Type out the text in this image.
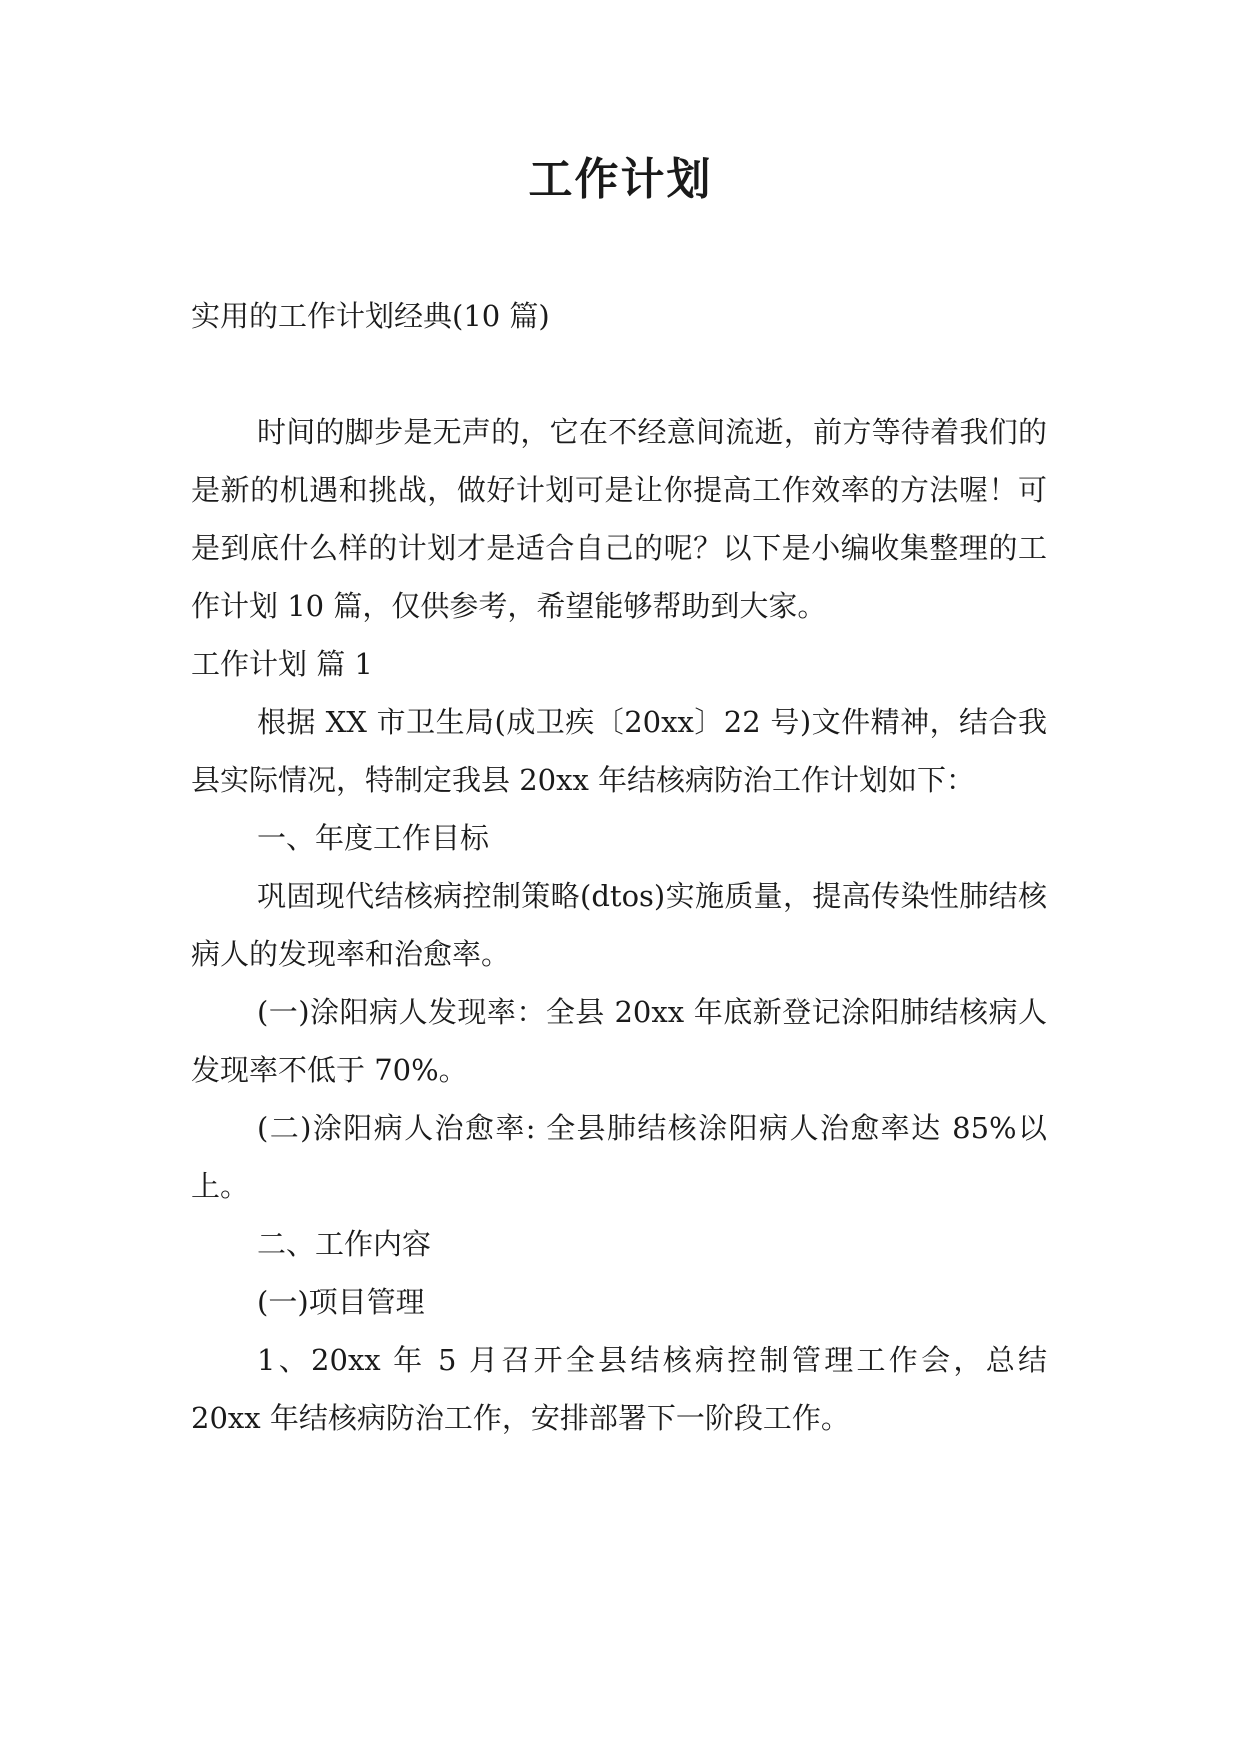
工作计划

实用的工作计划经典(10 篇)

时间的脚步是无声的，它在不经意间流逝，前方等待着我们的是新的机遇和挑战，做好计划可是让你提高工作效率的方法喔！可是到底什么样的计划才是适合自己的呢？以下是小编收集整理的工作计划 10 篇，仅供参考，希望能够帮助到大家。

工作计划 篇 1

根据 XX 市卫生局(成卫疾〔20xx〕22 号)文件精神，结合我县实际情况，特制定我县 20xx 年结核病防治工作计划如下：

一、年度工作目标

巩固现代结核病控制策略(dtos)实施质量，提高传染性肺结核病人的发现率和治愈率。

(一)涂阳病人发现率：全县 20xx 年底新登记涂阳肺结核病人发现率不低于 70%。

(二)涂阳病人治愈率: 全县肺结核涂阳病人治愈率达 85%以上。

二、工作内容

(一)项目管理

1、20xx 年 5 月召开全县结核病控制管理工作会，总结 20xx 年结核病防治工作，安排部署下一阶段工作。
